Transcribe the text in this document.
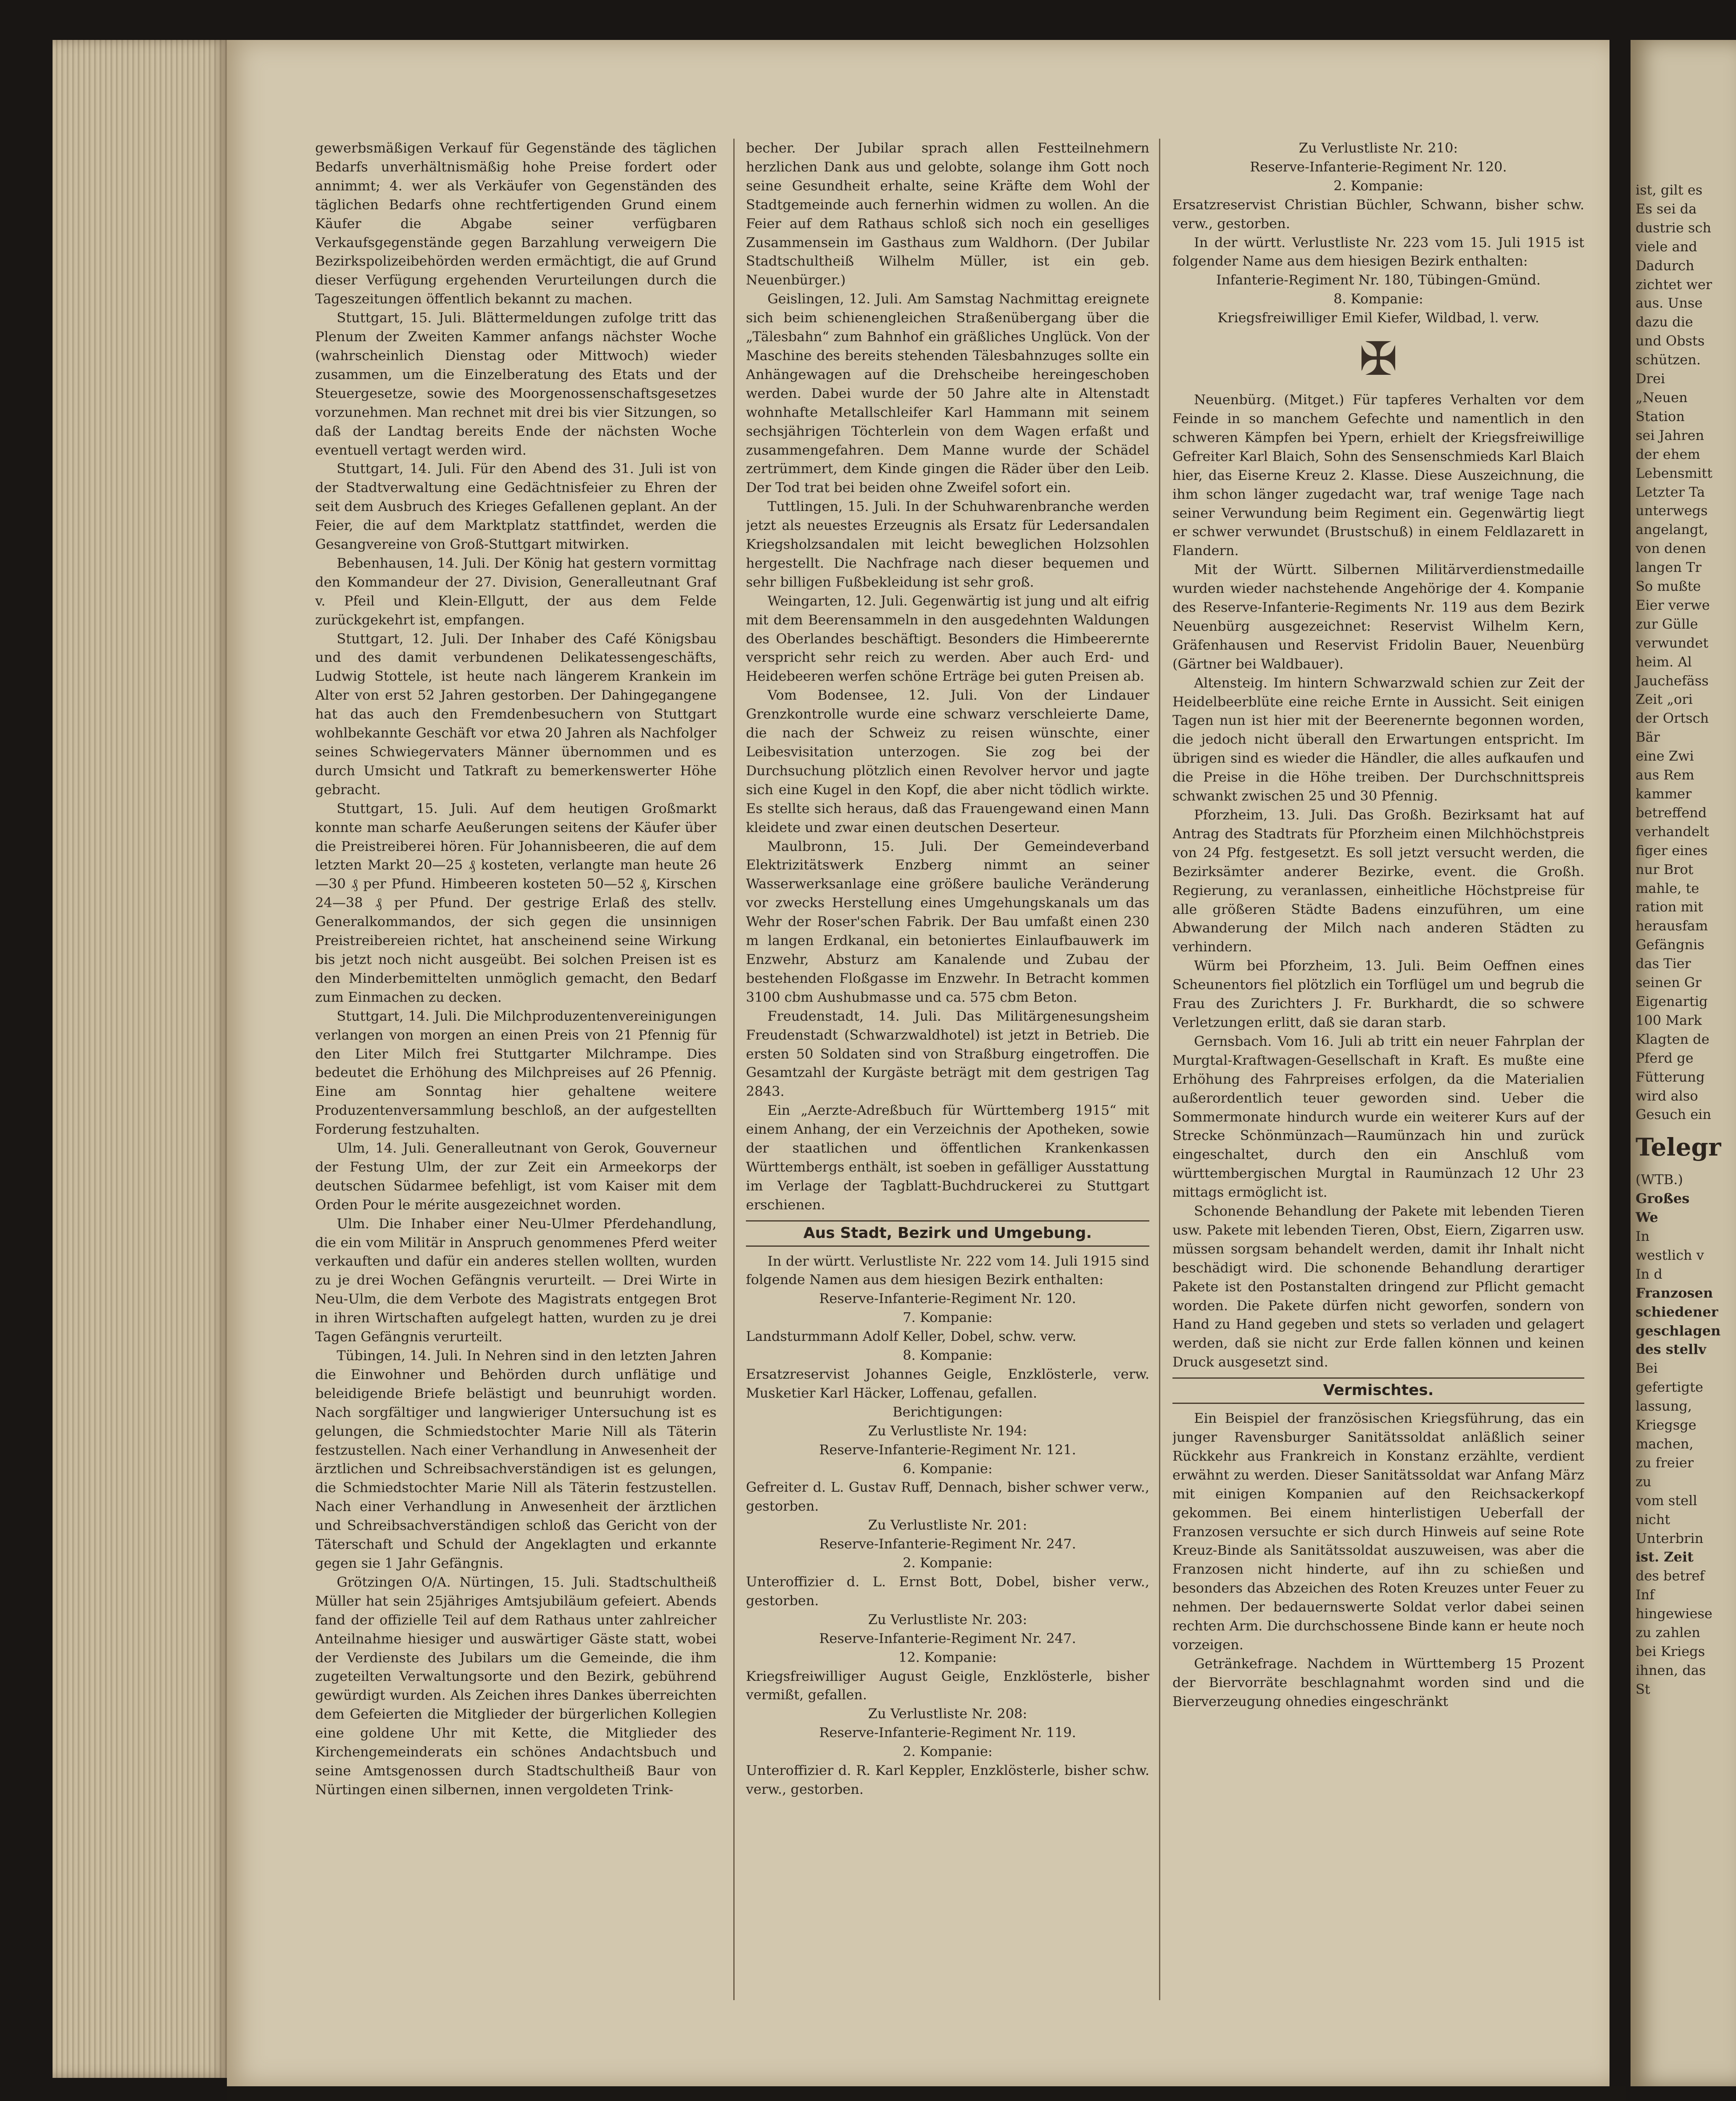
gewerbsmäßigen Verkauf für Gegenstände des täglichen Bedarfs unverhältnismäßig hohe Preise fordert oder annimmt; 4. wer als Verkäufer von Gegenständen des täglichen Bedarfs ohne rechtfertigenden Grund einem Käufer die Abgabe seiner verfügbaren Verkaufsgegenstände gegen Barzahlung verweigern Die Bezirkspolizeibehörden werden ermächtigt, die auf Grund dieser Verfügung ergehenden Verurteilungen durch die Tageszeitungen öffentlich bekannt zu machen.

Stuttgart, 15. Juli. Blättermeldungen zufolge tritt das Plenum der Zweiten Kammer anfangs nächster Woche (wahrscheinlich Dienstag oder Mittwoch) wieder zusammen, um die Einzelberatung des Etats und der Steuergesetze, sowie des Moorgenossenschaftsgesetzes vorzunehmen. Man rechnet mit drei bis vier Sitzungen, so daß der Landtag bereits Ende der nächsten Woche eventuell vertagt werden wird.

Stuttgart, 14. Juli. Für den Abend des 31. Juli ist von der Stadtverwaltung eine Gedächtnisfeier zu Ehren der seit dem Ausbruch des Krieges Gefallenen geplant. An der Feier, die auf dem Marktplatz stattfindet, werden die Gesangvereine von Groß-Stuttgart mitwirken.

Bebenhausen, 14. Juli. Der König hat gestern vormittag den Kommandeur der 27. Division, Generalleutnant Graf v. Pfeil und Klein-Ellgutt, der aus dem Felde zurückgekehrt ist, empfangen.

Stuttgart, 12. Juli. Der Inhaber des Café Königsbau und des damit verbundenen Delikatessengeschäfts, Ludwig Stottele, ist heute nach längerem Krankein im Alter von erst 52 Jahren gestorben. Der Dahingegangene hat das auch den Fremdenbesuchern von Stuttgart wohlbekannte Geschäft vor etwa 20 Jahren als Nachfolger seines Schwiegervaters Männer übernommen und es durch Umsicht und Tatkraft zu bemerkenswerter Höhe gebracht.

Stuttgart, 15. Juli. Auf dem heutigen Großmarkt konnte man scharfe Aeußerungen seitens der Käufer über die Preistreiberei hören. Für Johannisbeeren, die auf dem letzten Markt 20—25 ₰ kosteten, verlangte man heute 26—30 ₰ per Pfund. Himbeeren kosteten 50—52 ₰, Kirschen 24—38 ₰ per Pfund. Der gestrige Erlaß des stellv. Generalkommandos, der sich gegen die unsinnigen Preistreibereien richtet, hat anscheinend seine Wirkung bis jetzt noch nicht ausgeübt. Bei solchen Preisen ist es den Minderbemittelten unmöglich gemacht, den Bedarf zum Einmachen zu decken.

Stuttgart, 14. Juli. Die Milchproduzentenvereinigungen verlangen von morgen an einen Preis von 21 Pfennig für den Liter Milch frei Stuttgarter Milchrampe. Dies bedeutet die Erhöhung des Milchpreises auf 26 Pfennig. Eine am Sonntag hier gehaltene weitere Produzentenversammlung beschloß, an der aufgestellten Forderung festzuhalten.

Ulm, 14. Juli. Generalleutnant von Gerok, Gouverneur der Festung Ulm, der zur Zeit ein Armeekorps der deutschen Südarmee befehligt, ist vom Kaiser mit dem Orden Pour le mérite ausgezeichnet worden.

Ulm. Die Inhaber einer Neu-Ulmer Pferdehandlung, die ein vom Militär in Anspruch genommenes Pferd weiter verkauften und dafür ein anderes stellen wollten, wurden zu je drei Wochen Gefängnis verurteilt. — Drei Wirte in Neu-Ulm, die dem Verbote des Magistrats entgegen Brot in ihren Wirtschaften aufgelegt hatten, wurden zu je drei Tagen Gefängnis verurteilt.

Tübingen, 14. Juli. In Nehren sind in den letzten Jahren die Einwohner und Behörden durch unflätige und beleidigende Briefe belästigt und beunruhigt worden. Nach sorgfältiger und langwieriger Untersuchung ist es gelungen, die Schmiedstochter Marie Nill als Täterin festzustellen. Nach einer Verhandlung in Anwesenheit der ärztlichen und Schreibsachverständigen ist es gelungen, die Schmiedstochter Marie Nill als Täterin festzustellen. Nach einer Verhandlung in Anwesenheit der ärztlichen und Schreibsachverständigen schloß das Gericht von der Täterschaft und Schuld der Angeklagten und erkannte gegen sie 1 Jahr Gefängnis.

Grötzingen O/A. Nürtingen, 15. Juli. Stadtschultheiß Müller hat sein 25jähriges Amtsjubiläum gefeiert. Abends fand der offizielle Teil auf dem Rathaus unter zahlreicher Anteilnahme hiesiger und auswärtiger Gäste statt, wobei der Verdienste des Jubilars um die Gemeinde, die ihm zugeteilten Verwaltungsorte und den Bezirk, gebührend gewürdigt wurden. Als Zeichen ihres Dankes überreichten dem Gefeierten die Mitglieder der bürgerlichen Kollegien eine goldene Uhr mit Kette, die Mitglieder des Kirchengemeinderats ein schönes Andachtsbuch und seine Amtsgenossen durch Stadtschultheiß Baur von Nürtingen einen silbernen, innen vergoldeten Trink-

becher. Der Jubilar sprach allen Festteilnehmern herzlichen Dank aus und gelobte, solange ihm Gott noch seine Gesundheit erhalte, seine Kräfte dem Wohl der Stadtgemeinde auch fernerhin widmen zu wollen. An die Feier auf dem Rathaus schloß sich noch ein geselliges Zusammensein im Gasthaus zum Waldhorn. (Der Jubilar Stadtschultheiß Wilhelm Müller, ist ein geb. Neuenbürger.)

Geislingen, 12. Juli. Am Samstag Nachmittag ereignete sich beim schienengleichen Straßenübergang über die „Tälesbahn“ zum Bahnhof ein gräßliches Unglück. Von der Maschine des bereits stehenden Tälesbahnzuges sollte ein Anhängewagen auf die Drehscheibe hereingeschoben werden. Dabei wurde der 50 Jahre alte in Altenstadt wohnhafte Metallschleifer Karl Hammann mit seinem sechsjährigen Töchterlein von dem Wagen erfaßt und zusammengefahren. Dem Manne wurde der Schädel zertrümmert, dem Kinde gingen die Räder über den Leib. Der Tod trat bei beiden ohne Zweifel sofort ein.

Tuttlingen, 15. Juli. In der Schuhwarenbranche werden jetzt als neuestes Erzeugnis als Ersatz für Ledersandalen Kriegsholzsandalen mit leicht beweglichen Holzsohlen hergestellt. Die Nachfrage nach dieser bequemen und sehr billigen Fußbekleidung ist sehr groß.

Weingarten, 12. Juli. Gegenwärtig ist jung und alt eifrig mit dem Beerensammeln in den ausgedehnten Waldungen des Oberlandes beschäftigt. Besonders die Himbeerernte verspricht sehr reich zu werden. Aber auch Erd- und Heidebeeren werfen schöne Erträge bei guten Preisen ab.

Vom Bodensee, 12. Juli. Von der Lindauer Grenzkontrolle wurde eine schwarz verschleierte Dame, die nach der Schweiz zu reisen wünschte, einer Leibesvisitation unterzogen. Sie zog bei der Durchsuchung plötzlich einen Revolver hervor und jagte sich eine Kugel in den Kopf, die aber nicht tödlich wirkte. Es stellte sich heraus, daß das Frauengewand einen Mann kleidete und zwar einen deutschen Deserteur.

Maulbronn, 15. Juli. Der Gemeindeverband Elektrizitätswerk Enzberg nimmt an seiner Wasserwerksanlage eine größere bauliche Veränderung vor zwecks Herstellung eines Umgehungskanals um das Wehr der Roser'schen Fabrik. Der Bau umfaßt einen 230 m langen Erdkanal, ein betoniertes Einlaufbauwerk im Enzwehr, Absturz am Kanalende und Zubau der bestehenden Floßgasse im Enzwehr. In Betracht kommen 3100 cbm Aushubmasse und ca. 575 cbm Beton.

Freudenstadt, 14. Juli. Das Militärgenesungsheim Freudenstadt (Schwarzwaldhotel) ist jetzt in Betrieb. Die ersten 50 Soldaten sind von Straßburg eingetroffen. Die Gesamtzahl der Kurgäste beträgt mit dem gestrigen Tag 2843.

Ein „Aerzte-Adreßbuch für Württemberg 1915“ mit einem Anhang, der ein Verzeichnis der Apotheken, sowie der staatlichen und öffentlichen Krankenkassen Württembergs enthält, ist soeben in gefälliger Ausstattung im Verlage der Tagblatt-Buchdruckerei zu Stuttgart erschienen.

Aus Stadt, Bezirk und Umgebung.

In der württ. Verlustliste Nr. 222 vom 14. Juli 1915 sind folgende Namen aus dem hiesigen Bezirk enthalten:

Reserve-Infanterie-Regiment Nr. 120.

7. Kompanie:

Landsturmmann Adolf Keller, Dobel, schw. verw.

8. Kompanie:

Ersatzreservist Johannes Geigle, Enzklösterle, verw. Musketier Karl Häcker, Loffenau, gefallen.

Berichtigungen:

Zu Verlustliste Nr. 194:

Reserve-Infanterie-Regiment Nr. 121.

6. Kompanie:

Gefreiter d. L. Gustav Ruff, Dennach, bisher schwer verw., gestorben.

Zu Verlustliste Nr. 201:

Reserve-Infanterie-Regiment Nr. 247.

2. Kompanie:

Unteroffizier d. L. Ernst Bott, Dobel, bisher verw., gestorben.

Zu Verlustliste Nr. 203:

Reserve-Infanterie-Regiment Nr. 247.

12. Kompanie:

Kriegsfreiwilliger August Geigle, Enzklösterle, bisher vermißt, gefallen.

Zu Verlustliste Nr. 208:

Reserve-Infanterie-Regiment Nr. 119.

2. Kompanie:

Unteroffizier d. R. Karl Keppler, Enzklösterle, bisher schw. verw., gestorben.

Zu Verlustliste Nr. 210:

Reserve-Infanterie-Regiment Nr. 120.

2. Kompanie:

Ersatzreservist Christian Büchler, Schwann, bisher schw. verw., gestorben.

In der württ. Verlustliste Nr. 223 vom 15. Juli 1915 ist folgender Name aus dem hiesigen Bezirk enthalten:

Infanterie-Regiment Nr. 180, Tübingen-Gmünd.

8. Kompanie:

Kriegsfreiwilliger Emil Kiefer, Wildbad, l. verw.

✠

Neuenbürg. (Mitget.) Für tapferes Verhalten vor dem Feinde in so manchem Gefechte und namentlich in den schweren Kämpfen bei Ypern, erhielt der Kriegsfreiwillige Gefreiter Karl Blaich, Sohn des Sensenschmieds Karl Blaich hier, das Eiserne Kreuz 2. Klasse. Diese Auszeichnung, die ihm schon länger zugedacht war, traf wenige Tage nach seiner Verwundung beim Regiment ein. Gegenwärtig liegt er schwer verwundet (Brustschuß) in einem Feldlazarett in Flandern.

Mit der Württ. Silbernen Militärverdienstmedaille wurden wieder nachstehende Angehörige der 4. Kompanie des Reserve-Infanterie-Regiments Nr. 119 aus dem Bezirk Neuenbürg ausgezeichnet: Reservist Wilhelm Kern, Gräfenhausen und Reservist Fridolin Bauer, Neuenbürg (Gärtner bei Waldbauer).

Altensteig. Im hintern Schwarzwald schien zur Zeit der Heidelbeerblüte eine reiche Ernte in Aussicht. Seit einigen Tagen nun ist hier mit der Beerenernte begonnen worden, die jedoch nicht überall den Erwartungen entspricht. Im übrigen sind es wieder die Händler, die alles aufkaufen und die Preise in die Höhe treiben. Der Durchschnittspreis schwankt zwischen 25 und 30 Pfennig.

Pforzheim, 13. Juli. Das Großh. Bezirksamt hat auf Antrag des Stadtrats für Pforzheim einen Milchhöchstpreis von 24 Pfg. festgesetzt. Es soll jetzt versucht werden, die Bezirksämter anderer Bezirke, event. die Großh. Regierung, zu veranlassen, einheitliche Höchstpreise für alle größeren Städte Badens einzuführen, um eine Abwanderung der Milch nach anderen Städten zu verhindern.

Würm bei Pforzheim, 13. Juli. Beim Oeffnen eines Scheunentors fiel plötzlich ein Torflügel um und begrub die Frau des Zurichters J. Fr. Burkhardt, die so schwere Verletzungen erlitt, daß sie daran starb.

Gernsbach. Vom 16. Juli ab tritt ein neuer Fahrplan der Murgtal-Kraftwagen-Gesellschaft in Kraft. Es mußte eine Erhöhung des Fahrpreises erfolgen, da die Materialien außerordentlich teuer geworden sind. Ueber die Sommermonate hindurch wurde ein weiterer Kurs auf der Strecke Schönmünzach—Raumünzach hin und zurück eingeschaltet, durch den ein Anschluß vom württembergischen Murgtal in Raumünzach 12 Uhr 23 mittags ermöglicht ist.

Schonende Behandlung der Pakete mit lebenden Tieren usw. Pakete mit lebenden Tieren, Obst, Eiern, Zigarren usw. müssen sorgsam behandelt werden, damit ihr Inhalt nicht beschädigt wird. Die schonende Behandlung derartiger Pakete ist den Postanstalten dringend zur Pflicht gemacht worden. Die Pakete dürfen nicht geworfen, sondern von Hand zu Hand gegeben und stets so verladen und gelagert werden, daß sie nicht zur Erde fallen können und keinen Druck ausgesetzt sind.

Vermischtes.

Ein Beispiel der französischen Kriegsführung, das ein junger Ravensburger Sanitätssoldat anläßlich seiner Rückkehr aus Frankreich in Konstanz erzählte, verdient erwähnt zu werden. Dieser Sanitätssoldat war Anfang März mit einigen Kompanien auf den Reichsackerkopf gekommen. Bei einem hinterlistigen Ueberfall der Franzosen versuchte er sich durch Hinweis auf seine Rote Kreuz-Binde als Sanitätssoldat auszuweisen, was aber die Franzosen nicht hinderte, auf ihn zu schießen und besonders das Abzeichen des Roten Kreuzes unter Feuer zu nehmen. Der bedauernswerte Soldat verlor dabei seinen rechten Arm. Die durchschossene Binde kann er heute noch vorzeigen.

Getränkefrage. Nachdem in Württemberg 15 Prozent der Biervorräte beschlagnahmt worden sind und die Bierverzeugung ohnedies eingeschränkt

ist, gilt es
Es sei da
dustrie sch
viele and
Dadurch
zichtet wer
aus. Unse
dazu die
und Obsts
schützen.
Drei
„Neuen
Station
sei Jahren
der ehem
Lebensmitt
Letzter Ta
unterwegs
angelangt,
von denen
langen Tr
So mußte
Eier verwe
zur Gülle
verwundet
heim. Al
Jauchefäss
Zeit „ori
der Ortsch
Bär
eine Zwi
aus Rem
kammer
betreffend
verhandelt
figer eines
nur Brot
mahle, te
ration mit
herausfam
Gefängnis
das Tier
seinen Gr
Eigenartig
100 Mark
Klagten de
Pferd ge
Fütterung
wird also
Gesuch ein
Telegr
(WTB.)
Großes
We
In
westlich v
In d
Franzosen
schiedener
geschlagen
des stellv
Bei
gefertigte
lassung,
Kriegsge
machen,
zu freier
zu
vom stell
nicht
Unterbrin
ist. Zeit
des betref
Inf
hingewiese
zu zahlen
bei Kriegs
ihnen, das
St
